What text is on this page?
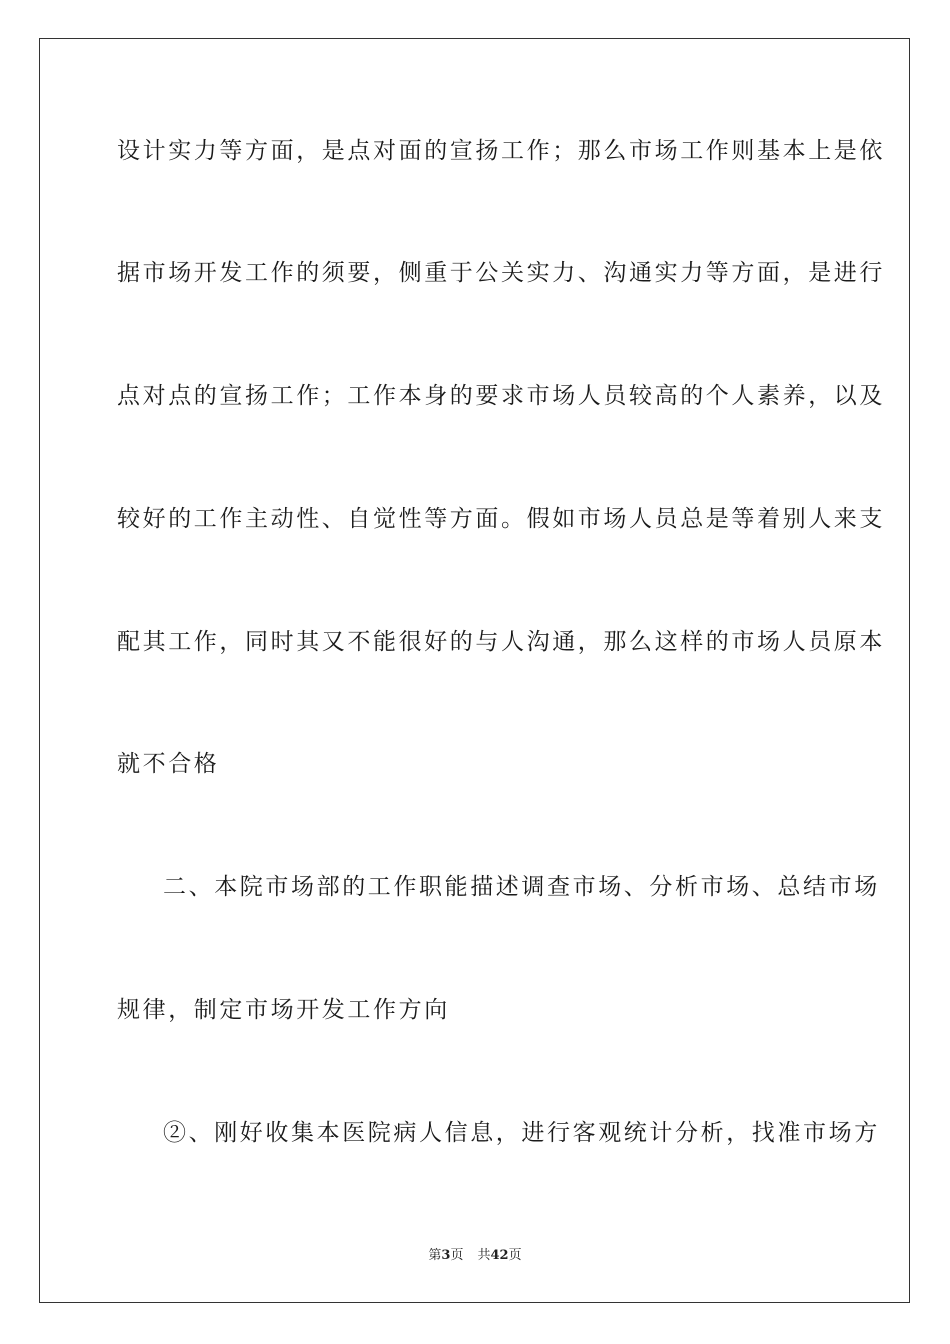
设计实力等方面，是点对面的宣扬工作；那么市场工作则基本上是依
据市场开发工作的须要，侧重于公关实力、沟通实力等方面，是进行
点对点的宣扬工作；工作本身的要求市场人员较高的个人素养，以及
较好的工作主动性、自觉性等方面。假如市场人员总是等着别人来支
配其工作，同时其又不能很好的与人沟通，那么这样的市场人员原本
就不合格
二、本院市场部的工作职能描述调查市场、分析市场、总结市场
规律，制定市场开发工作方向
②、刚好收集本医院病人信息，进行客观统计分析，找准市场方
第3页 共42页
